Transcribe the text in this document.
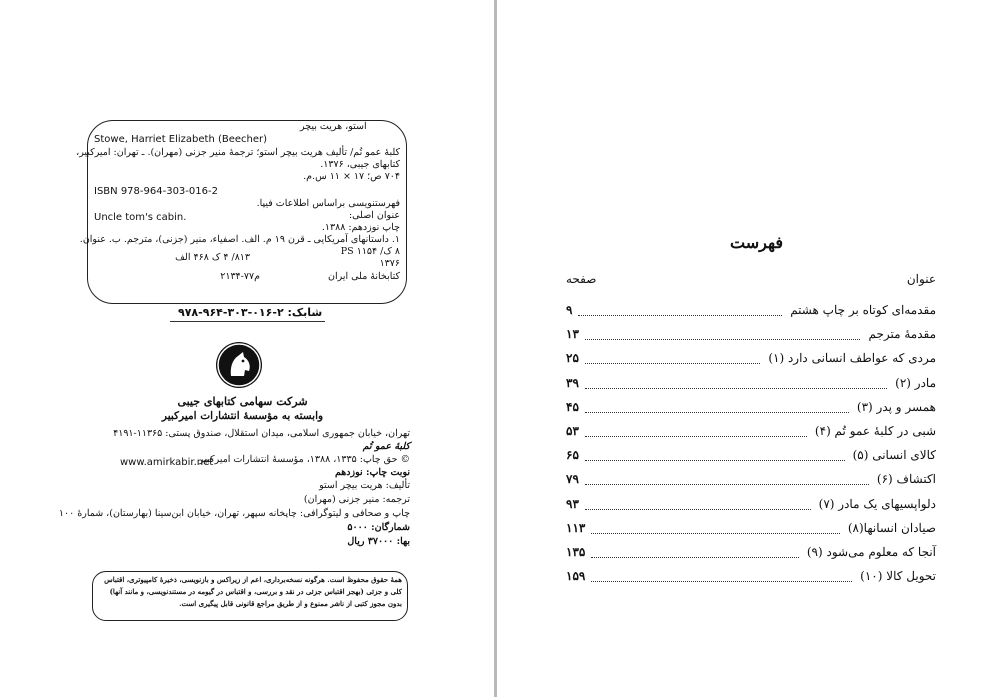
استو، هریت بیچر
Stowe, Harriet Elizabeth (Beecher)
کلبهٔ عمو تُم/ تألیف هریت بیچر استو؛ ترجمهٔ منیر جزنی (مهران). ـ تهران: امیرکبیر،
کتابهای جیبی، ۱۳۷۶.
۷۰۴ ص؛ ۱۷ × ۱۱ س.م.
ISBN 978-964-303-016-2
فهرستنویسی براساس اطلاعات فیپا.
عنوان اصلی:
Uncle tom's cabin.
چاپ نوزدهم: ۱۳۸۸.
۱. داستانهای آمریکایی ـ قرن ۱۹ م. الف. اصفیاء، منیر (جزنی)، مترجم. ب. عنوان.
۸ ک/ ۱۱۵۴ PS
۸۱۳/ ۴ ک ۴۶۸ الف
۱۳۷۶
کتابخانهٔ ملی ایران
م۷۷-۲۱۳۴
شابک: ۲-۰۱۶-۳۰۳-۹۶۴-۹۷۸
شرکت سهامی کتابهای جیبی
وابسته به مؤسسهٔ انتشارات امیرکبیر
تهران، خیابان جمهوری اسلامی، میدان استقلال، صندوق پستی: ۱۱۳۶۵-۴۱۹۱
کلبهٔ عمو تُم
© حق چاپ: ۱۳۳۵، ۱۳۸۸، مؤسسهٔ انتشارات امیرکبیر
www.amirkabir.net
نوبت چاپ: نوزدهم
تألیف: هریت بیچر استو
ترجمه: منیر جزنی (مهران)
چاپ و صحافی و لیتوگرافی: چاپخانه سپهر، تهران، خیابان ابن‌سینا (بهارستان)، شمارهٔ ۱۰۰
شمارگان: ۵۰۰۰
بها: ۳۷۰۰۰ ریال
همهٔ حقوق محفوظ است. هرگونه نسخه‌برداری، اعم از زیراکس و بازنویسی، ذخیرهٔ کامپیوتری، اقتباس
کلی و جزئی (بهجز اقتباس جزئی در نقد و بررسی، و اقتباس در گیومه در مستندنویسی، و مانند آنها)
بدون مجوز کتبی از ناشر ممنوع و از طریق مراجع قانونی قابل پیگیری است.
فهرست
عنوان
صفحه
مقدمه‌ای کوتاه بر چاپ هشتم
۹
مقدمهٔ مترجم
۱۳
مردی که عواطف انسانی دارد (۱)
۲۵
مادر (۲)
۳۹
همسر و پدر (۳)
۴۵
شبی در کلبهٔ عمو تُم (۴)
۵۳
کالای انسانی (۵)
۶۵
اکتشاف (۶)
۷۹
دلواپسیهای یک مادر (۷)
۹۳
صیادان انسانها(۸)
۱۱۳
آنجا که معلوم می‌شود (۹)
۱۳۵
تحویل کالا (۱۰)
۱۵۹
